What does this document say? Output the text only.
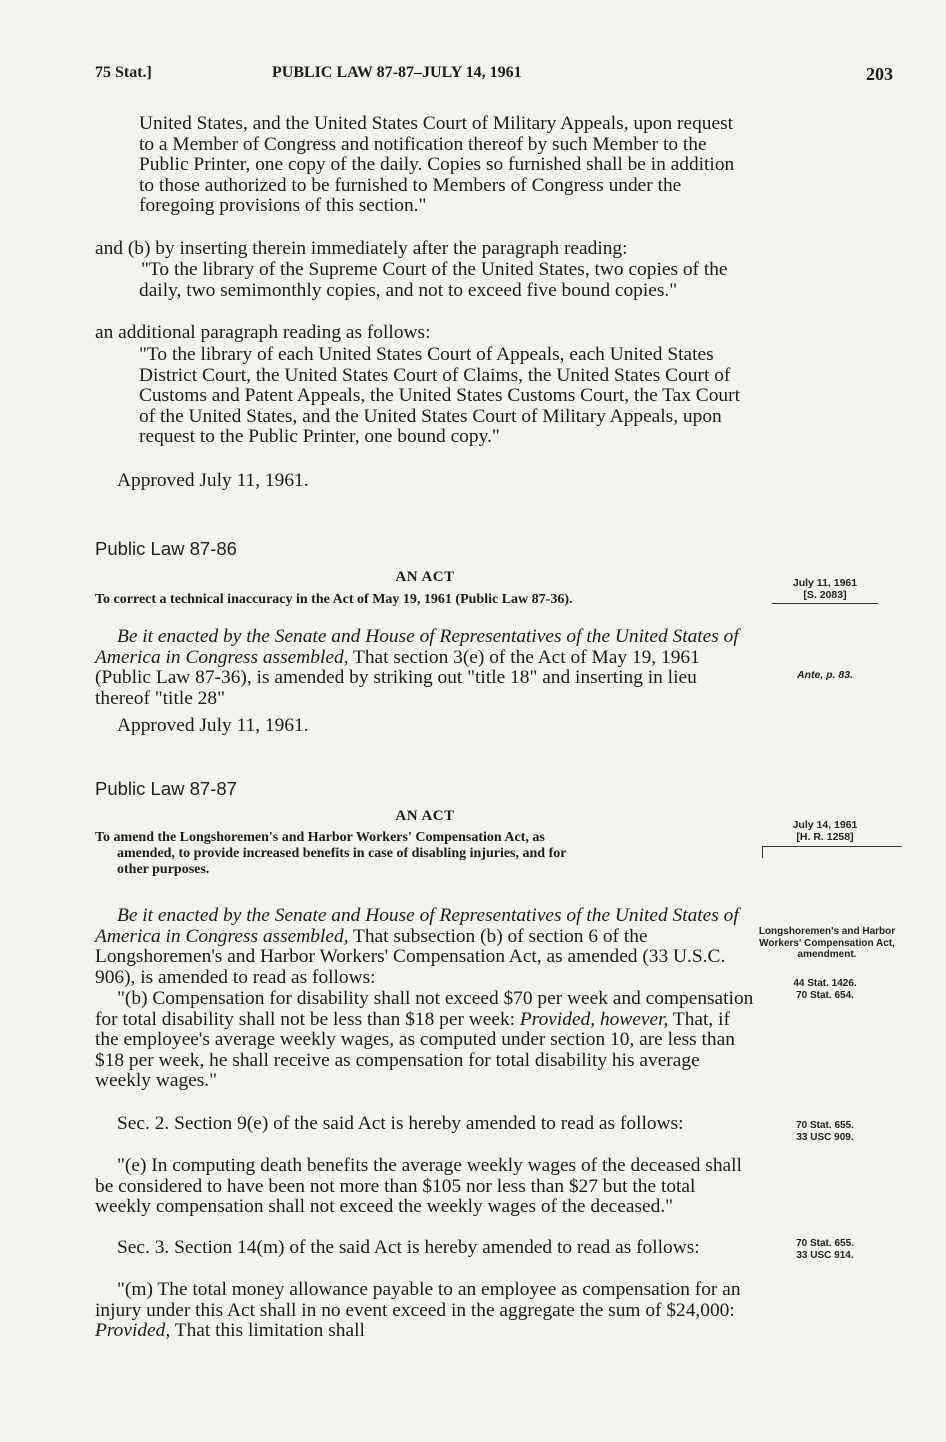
75 Stat.]	PUBLIC LAW 87-87–JULY 14, 1961	203
United States, and the United States Court of Military Appeals, upon request to a Member of Congress and notification thereof by such Member to the Public Printer, one copy of the daily. Copies so furnished shall be in addition to those authorized to be furnished to Members of Congress under the foregoing provisions of this section."
and (b) by inserting therein immediately after the paragraph reading:
"To the library of the Supreme Court of the United States, two copies of the daily, two semimonthly copies, and not to exceed five bound copies."
an additional paragraph reading as follows:
"To the library of each United States Court of Appeals, each United States District Court, the United States Court of Claims, the United States Court of Customs and Patent Appeals, the United States Customs Court, the Tax Court of the United States, and the United States Court of Military Appeals, upon request to the Public Printer, one bound copy."
Approved July 11, 1961.
Public Law 87-86
AN ACT
To correct a technical inaccuracy in the Act of May 19, 1961 (Public Law 87-36).
Be it enacted by the Senate and House of Representatives of the United States of America in Congress assembled, That section 3(e) of the Act of May 19, 1961 (Public Law 87-36), is amended by striking out "title 18" and inserting in lieu thereof "title 28"
Approved July 11, 1961.
July 11, 1961
[S. 2083]
Ante, p. 83.
Public Law 87-87
AN ACT
To amend the Longshoremen's and Harbor Workers' Compensation Act, as
amended, to provide increased benefits in case of disabling injuries, and for
other purposes.
July 14, 1961
[H. R. 1258]
Be it enacted by the Senate and House of Representatives of the United States of America in Congress assembled, That subsection (b) of section 6 of the Longshoremen's and Harbor Workers' Compensation Act, as amended (33 U.S.C. 906), is amended to read as follows:
"(b) Compensation for disability shall not exceed $70 per week and compensation for total disability shall not be less than $18 per week: Provided, however, That, if the employee's average weekly wages, as computed under section 10, are less than $18 per week, he shall receive as compensation for total disability his average weekly wages."
Sec. 2. Section 9(e) of the said Act is hereby amended to read as follows:
"(e) In computing death benefits the average weekly wages of the deceased shall be considered to have been not more than $105 nor less than $27 but the total weekly compensation shall not exceed the weekly wages of the deceased."
Sec. 3. Section 14(m) of the said Act is hereby amended to read as follows:
"(m) The total money allowance payable to an employee as compensation for an injury under this Act shall in no event exceed in the aggregate the sum of $24,000: Provided, That this limitation shall
Longshoremen's and Harbor Workers' Compensation Act, amendment.
44 Stat. 1426.
70 Stat. 654.
70 Stat. 655.
33 USC 909.
70 Stat. 655.
33 USC 914.
